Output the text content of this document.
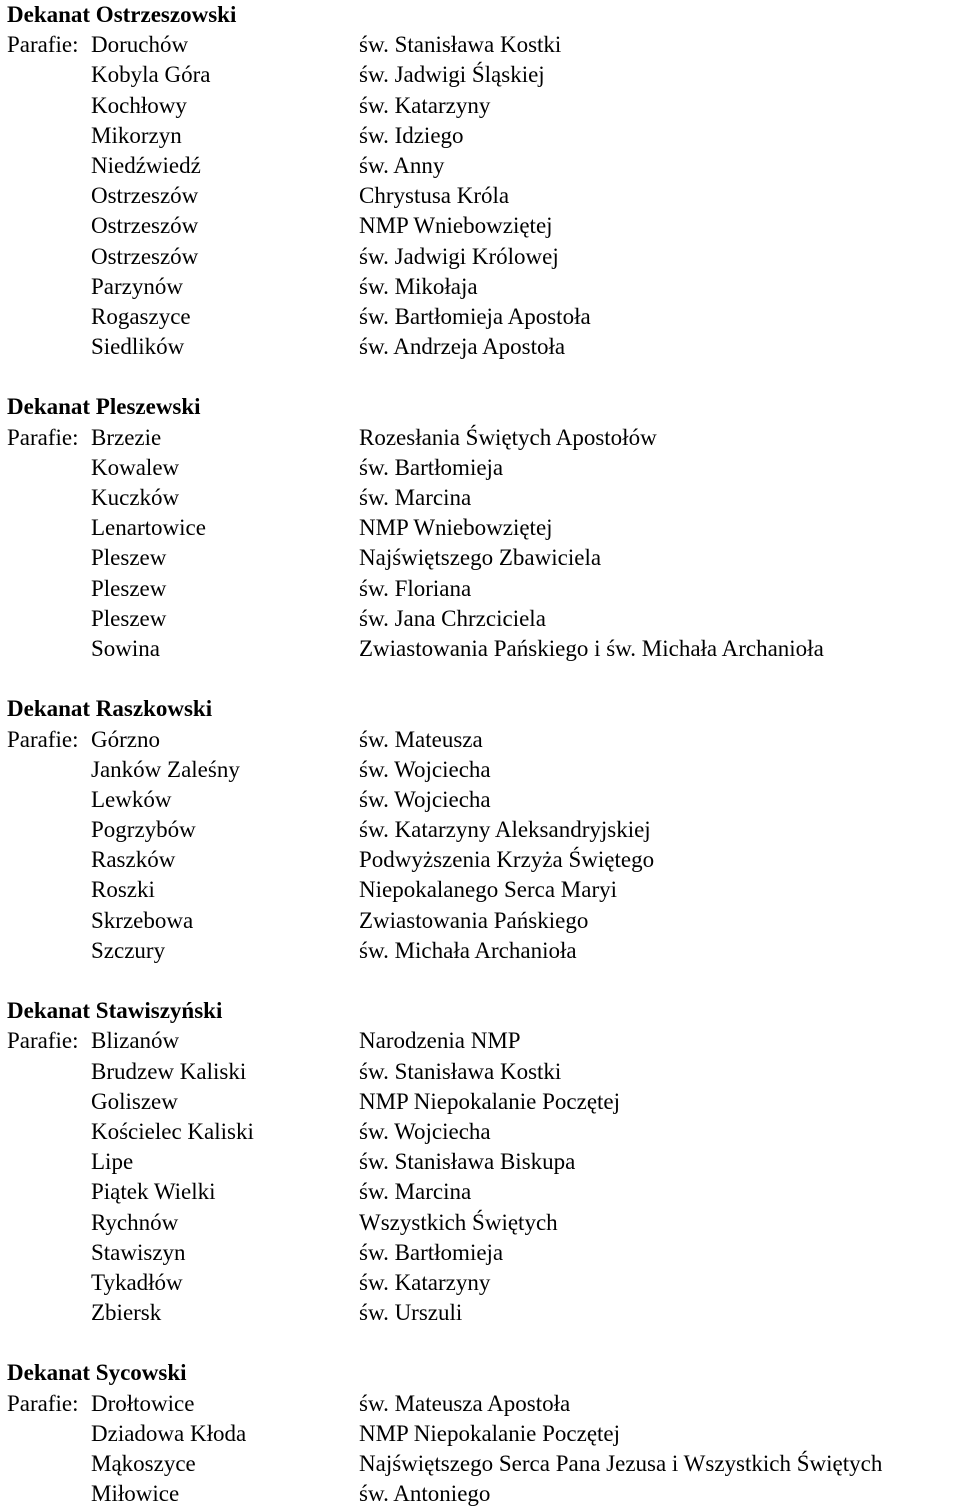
Dekanat Ostrzeszowski
Parafie: Doruchów	św. Stanisława Kostki
Kobyla Góra	św. Jadwigi Śląskiej
Kochłowy	św. Katarzyny
Mikorzyn	św. Idziego
Niedźwiedź	św. Anny
Ostrzeszów	Chrystusa Króla
Ostrzeszów	NMP Wniebowziętej
Ostrzeszów	św. Jadwigi Królowej
Parzynów	św. Mikołaja
Rogaszyce	św. Bartłomieja Apostoła
Siedlików	św. Andrzeja Apostoła
Dekanat Pleszewski
Parafie: Brzezie	Rozesłania Świętych Apostołów
Kowalew	św. Bartłomieja
Kuczków	św. Marcina
Lenartowice	NMP Wniebowziętej
Pleszew	Najświętszego Zbawiciela
Pleszew	św. Floriana
Pleszew	św. Jana Chrzciciela
Sowina	Zwiastowania Pańskiego i św. Michała Archanioła
Dekanat Raszkowski
Parafie: Górzno	św. Mateusza
Janków Zaleśny	św. Wojciecha
Lewków	św. Wojciecha
Pogrzybów	św. Katarzyny Aleksandryjskiej
Raszków	Podwyższenia Krzyża Świętego
Roszki	Niepokalanego Serca Maryi
Skrzebowa	Zwiastowania Pańskiego
Szczury	św. Michała Archanioła
Dekanat Stawiszyński
Parafie: Blizanów	Narodzenia NMP
Brudzew Kaliski	św. Stanisława Kostki
Goliszew	NMP Niepokalanie Poczętej
Kościelec Kaliski	św. Wojciecha
Lipe	św. Stanisława Biskupa
Piątek Wielki	św. Marcina
Rychnów	Wszystkich Świętych
Stawiszyn	św. Bartłomieja
Tykadłów	św. Katarzyny
Zbiersk	św. Urszuli
Dekanat Sycowski
Parafie: Drołtowice	św. Mateusza Apostoła
Dziadowa Kłoda	NMP Niepokalanie Poczętej
Mąkoszyce	Najświętszego Serca Pana Jezusa i Wszystkich Świętych
Miłowice	św. Antoniego
